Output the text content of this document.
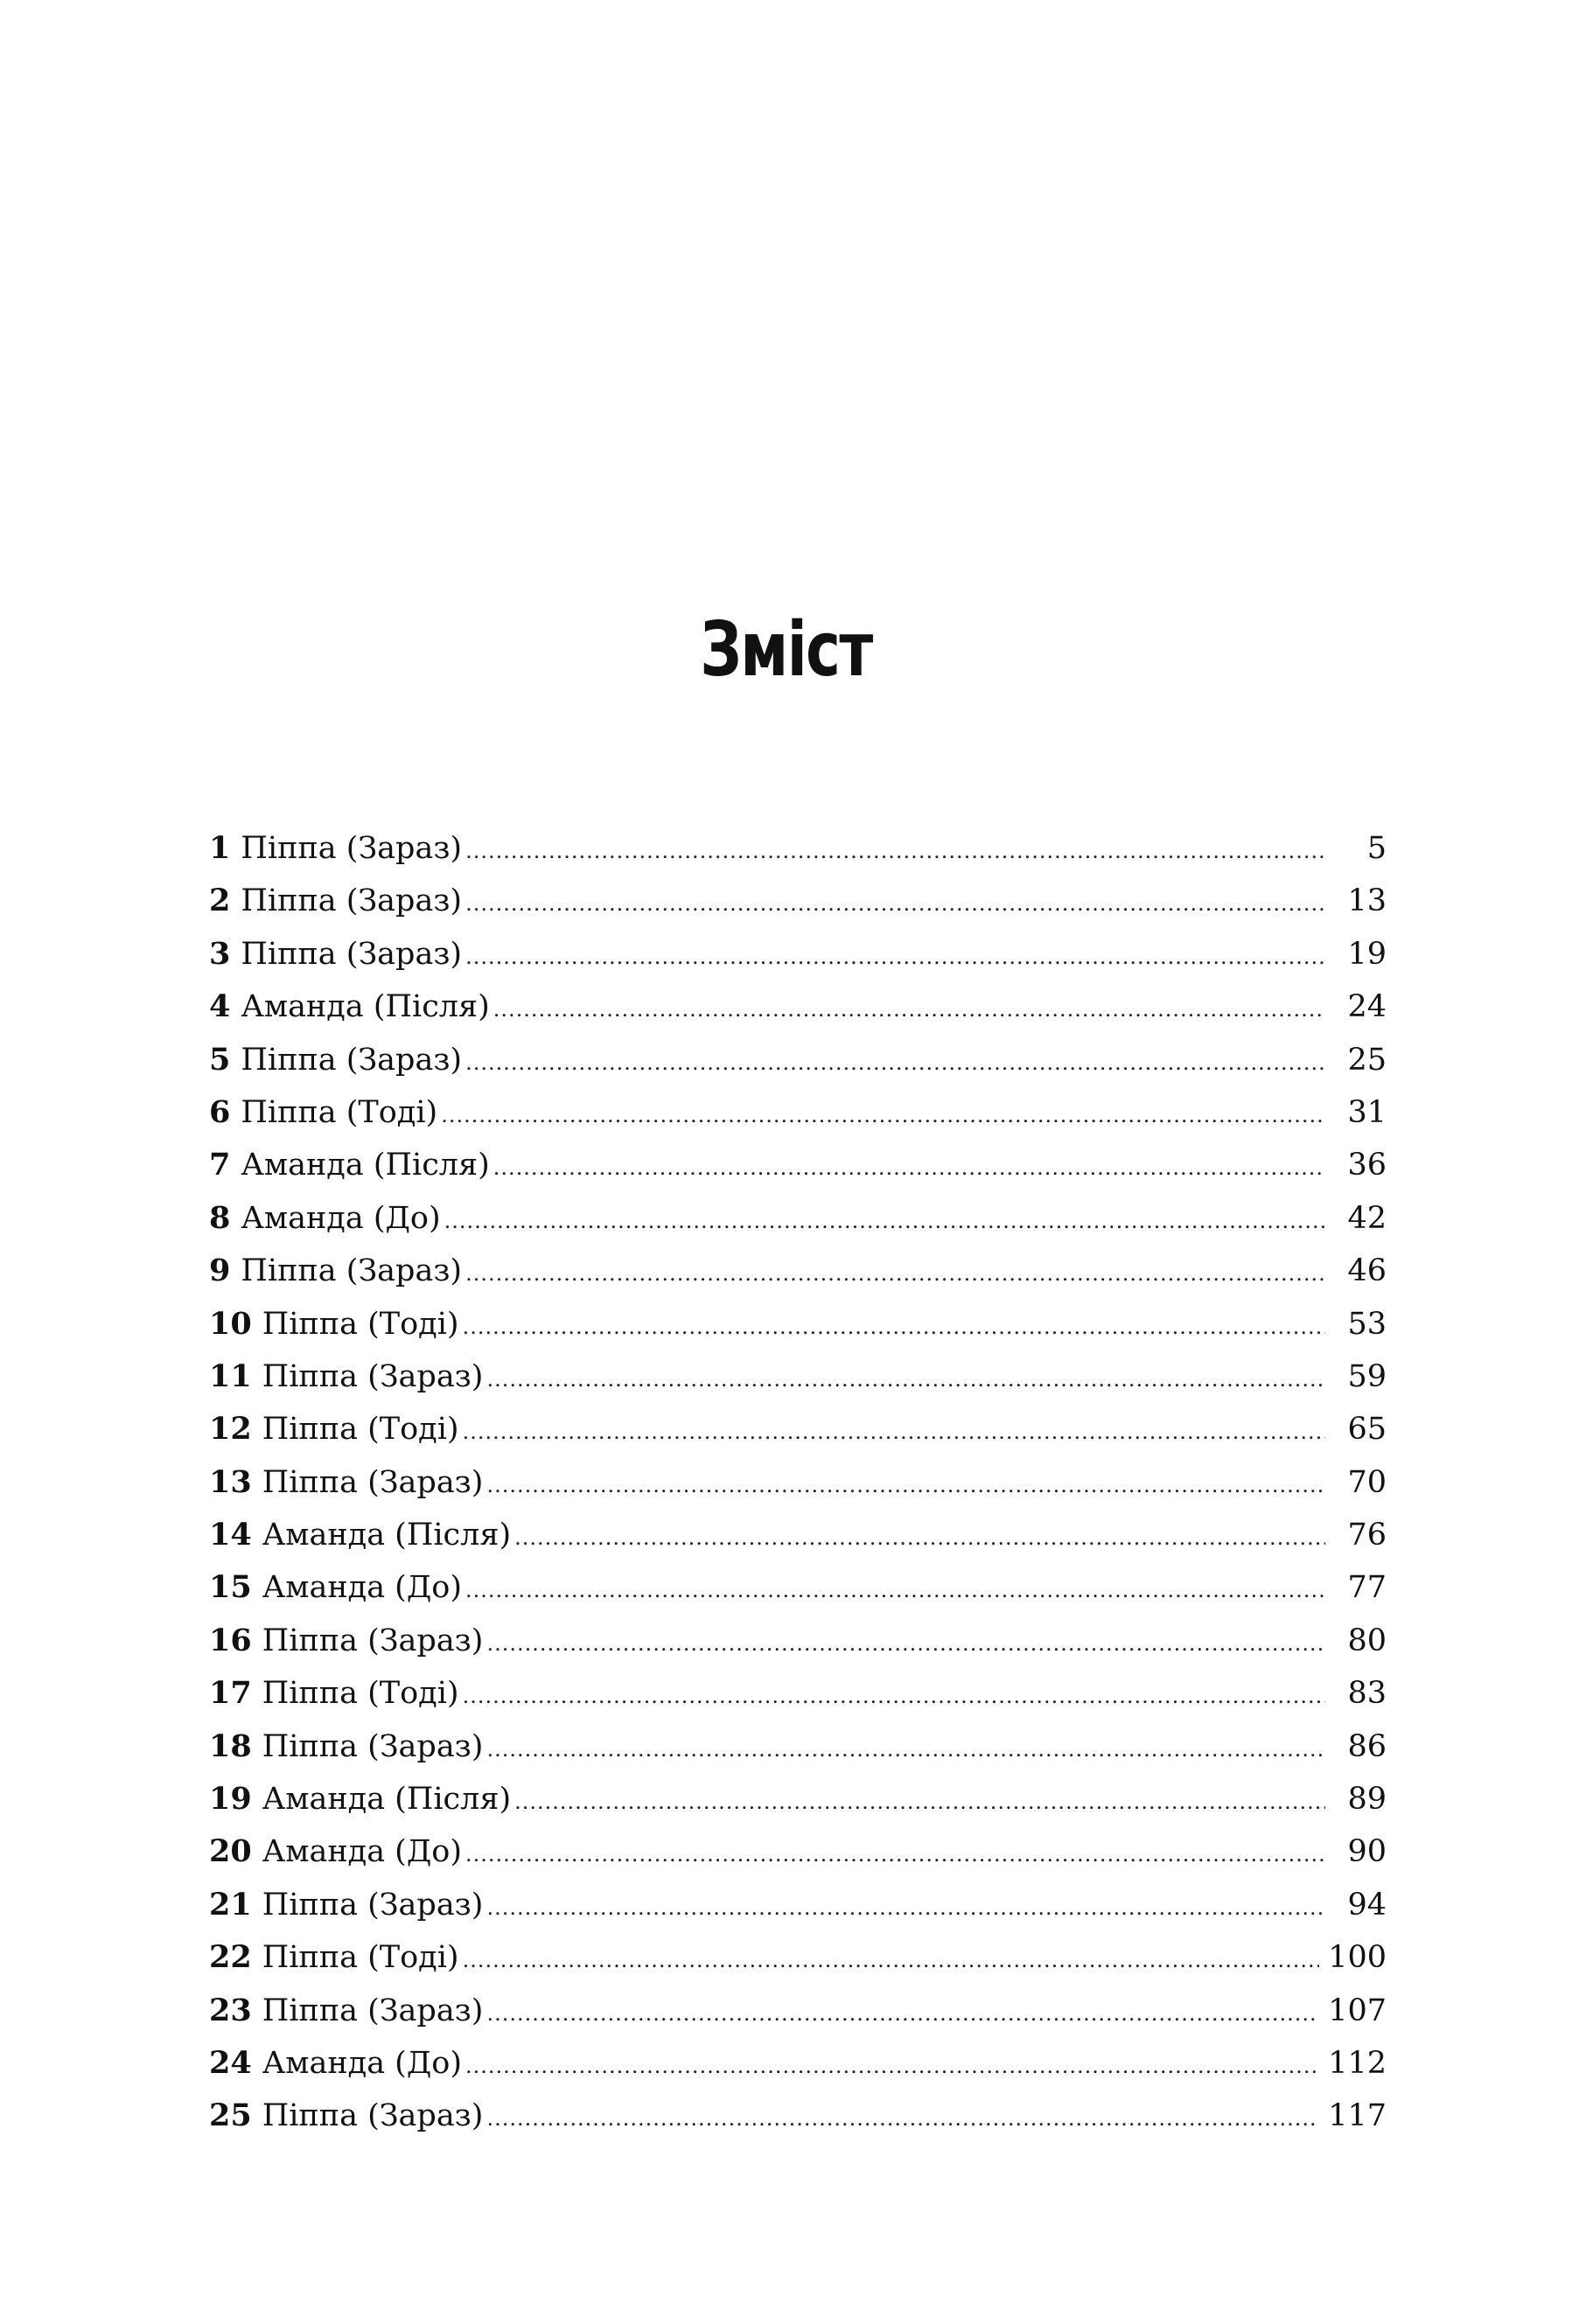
Зміст
1 Піппа (Зараз) .....	5
2 Піппа (Зараз) .....	13
3 Піппа (Зараз) .....	19
4 Аманда (Після) .....	24
5 Піппа (Зараз) .....	25
6 Піппа (Тоді) .....	31
7 Аманда (Після) .....	36
8 Аманда (До) .....	42
9 Піппа (Зараз) .....	46
10 Піппа (Тоді) .....	53
11 Піппа (Зараз) .....	59
12 Піппа (Тоді) .....	65
13 Піппа (Зараз) .....	70
14 Аманда (Після) .....	76
15 Аманда (До) .....	77
16 Піппа (Зараз) .....	80
17 Піппа (Тоді) .....	83
18 Піппа (Зараз) .....	86
19 Аманда (Після) .....	89
20 Аманда (До) .....	90
21 Піппа (Зараз) .....	94
22 Піппа (Тоді) .....	100
23 Піппа (Зараз) .....	107
24 Аманда (До) .....	112
25 Піппа (Зараз) .....	117
